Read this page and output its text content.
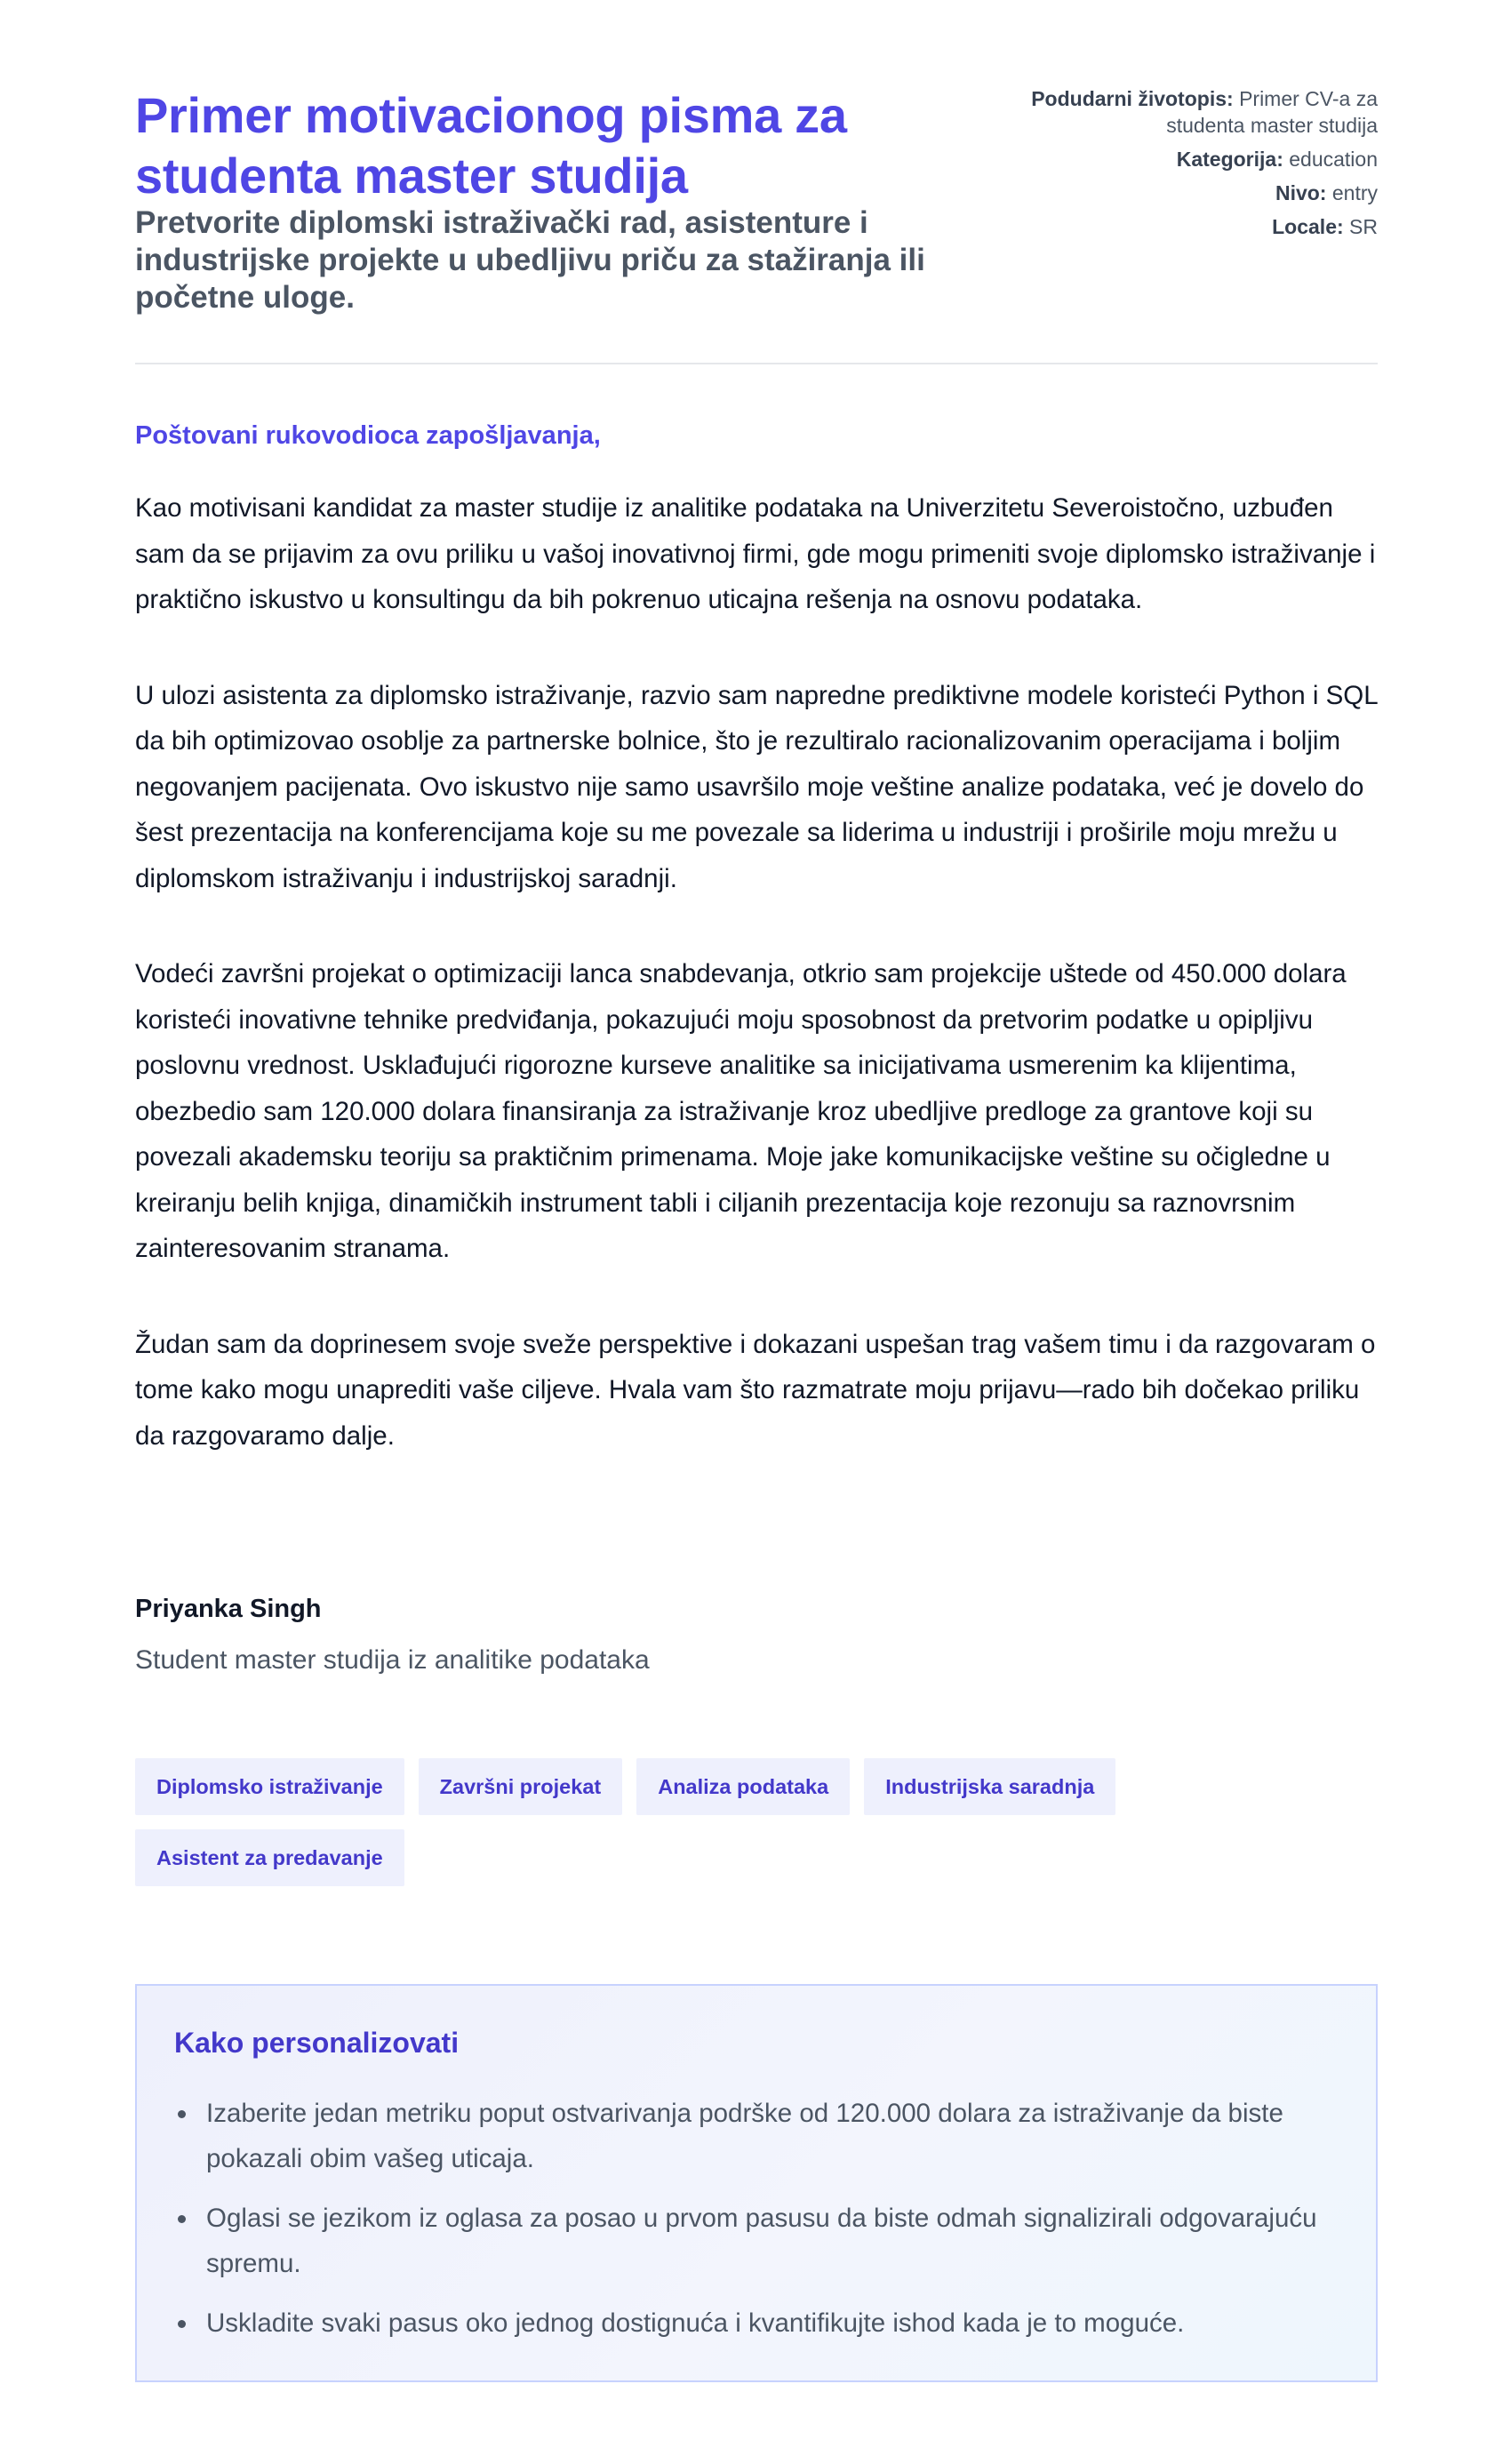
Primer motivacionog pisma za studenta master studija
Pretvorite diplomski istraživački rad, asistenture i industrijske projekte u ubedljivu priču za stažiranja ili početne uloge.
Podudarni životopis: Primer CV-a za studenta master studija
Kategorija: education
Nivo: entry
Locale: SR

Poštovani rukovodioca zapošljavanja,

Kao motivisani kandidat za master studije iz analitike podataka na Univerzitetu Severoistočno, uzbuđen sam da se prijavim za ovu priliku u vašoj inovativnoj firmi, gde mogu primeniti svoje diplomsko istraživanje i praktično iskustvo u konsultingu da bih pokrenuo uticajna rešenja na osnovu podataka.

U ulozi asistenta za diplomsko istraživanje, razvio sam napredne prediktivne modele koristeći Python i SQL da bih optimizovao osoblje za partnerske bolnice, što je rezultiralo racionalizovanim operacijama i boljim negovanjem pacijenata. Ovo iskustvo nije samo usavršilo moje veštine analize podataka, već je dovelo do šest prezentacija na konferencijama koje su me povezale sa liderima u industriji i proširile moju mrežu u diplomskom istraživanju i industrijskoj saradnji.

Vodeći završni projekat o optimizaciji lanca snabdevanja, otkrio sam projekcije uštede od 450.000 dolara koristeći inovativne tehnike predviđanja, pokazujući moju sposobnost da pretvorim podatke u opipljivu poslovnu vrednost. Usklađujući rigorozne kurseve analitike sa inicijativama usmerenim ka klijentima, obezbedio sam 120.000 dolara finansiranja za istraživanje kroz ubedljive predloge za grantove koji su povezali akademsku teoriju sa praktičnim primenama. Moje jake komunikacijske veštine su očigledne u kreiranju belih knjiga, dinamičkih instrument tabli i ciljanih prezentacija koje rezonuju sa raznovrsnim zainteresovanim stranama.

Žudan sam da doprinesem svoje sveže perspektive i dokazani uspešan trag vašem timu i da razgovaram o tome kako mogu unaprediti vaše ciljeve. Hvala vam što razmatrate moju prijavu—rado bih dočekao priliku da razgovaramo dalje.

Priyanka Singh

Student master studija iz analitike podataka

Diplomsko istraživanje	Završni projekat	Analiza podataka	Industrijska saradnja
Asistent za predavanje
Kako personalizovati
Izaberite jedan metriku poput ostvarivanja podrške od 120.000 dolara za istraživanje da biste pokazali obim vašeg uticaja.
Oglasi se jezikom iz oglasa za posao u prvom pasusu da biste odmah signalizirali odgovarajuću spremu.
Uskladite svaki pasus oko jednog dostignuća i kvantifikujte ishod kada je to moguće.
